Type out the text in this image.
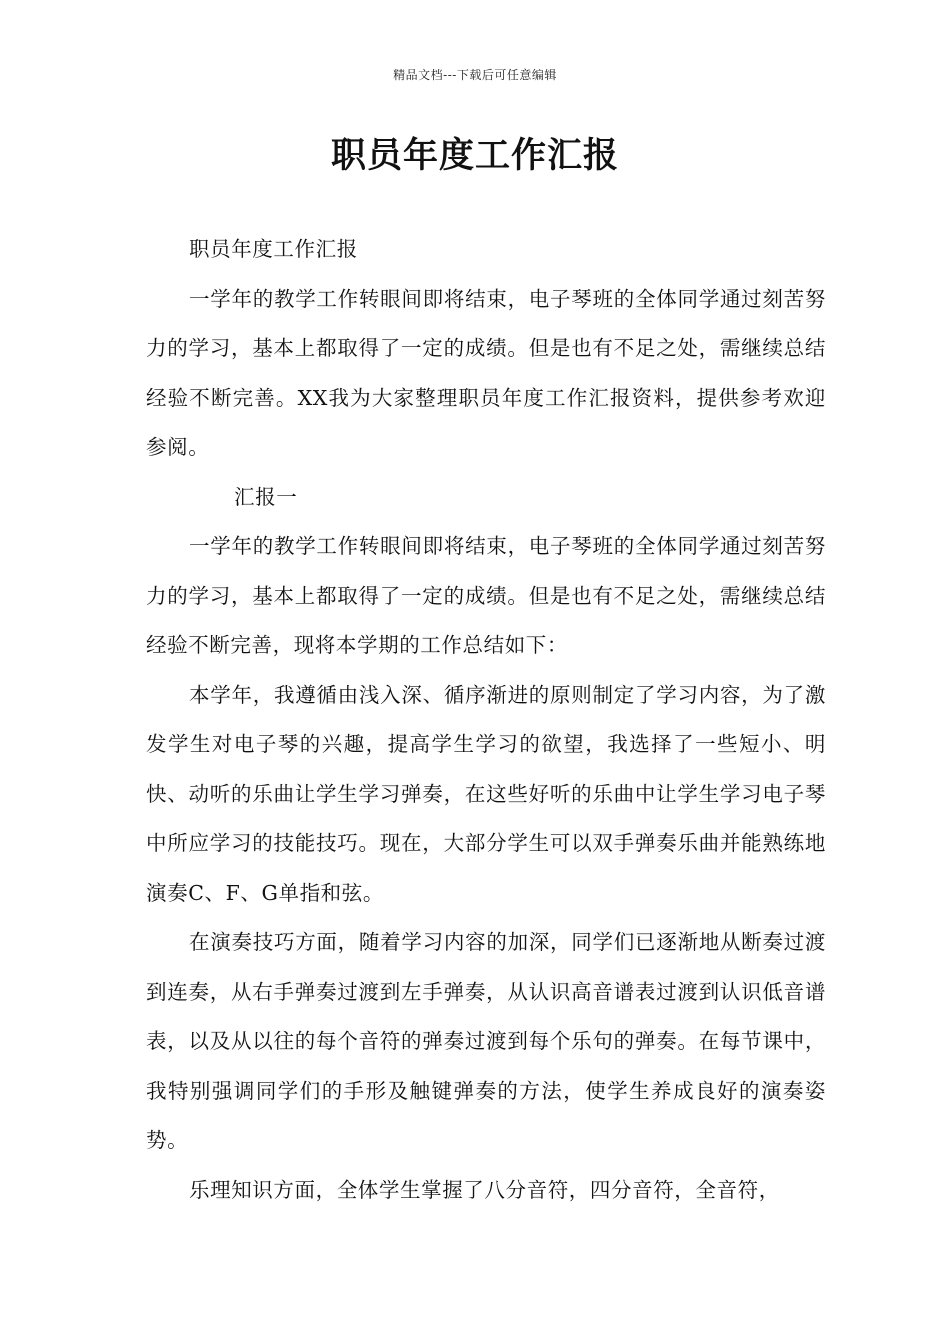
精品文档---下载后可任意编辑
职员年度工作汇报

职员年度工作汇报

一学年的教学工作转眼间即将结束，电子琴班的全体同学通过刻苦努力的学习，基本上都取得了一定的成绩。但是也有不足之处，需继续总结经验不断完善。XX我为大家整理职员年度工作汇报资料，提供参考欢迎参阅。

汇报一

一学年的教学工作转眼间即将结束，电子琴班的全体同学通过刻苦努力的学习，基本上都取得了一定的成绩。但是也有不足之处，需继续总结经验不断完善，现将本学期的工作总结如下：

本学年，我遵循由浅入深、循序渐进的原则制定了学习内容，为了激发学生对电子琴的兴趣，提高学生学习的欲望，我选择了一些短小、明快、动听的乐曲让学生学习弹奏，在这些好听的乐曲中让学生学习电子琴中所应学习的技能技巧。现在，大部分学生可以双手弹奏乐曲并能熟练地演奏C、F、G单指和弦。

在演奏技巧方面，随着学习内容的加深，同学们已逐渐地从断奏过渡到连奏，从右手弹奏过渡到左手弹奏，从认识高音谱表过渡到认识低音谱表，以及从以往的每个音符的弹奏过渡到每个乐句的弹奏。在每节课中，我特别强调同学们的手形及触键弹奏的方法，使学生养成良好的演奏姿势。

乐理知识方面，全体学生掌握了八分音符，四分音符，全音符，
